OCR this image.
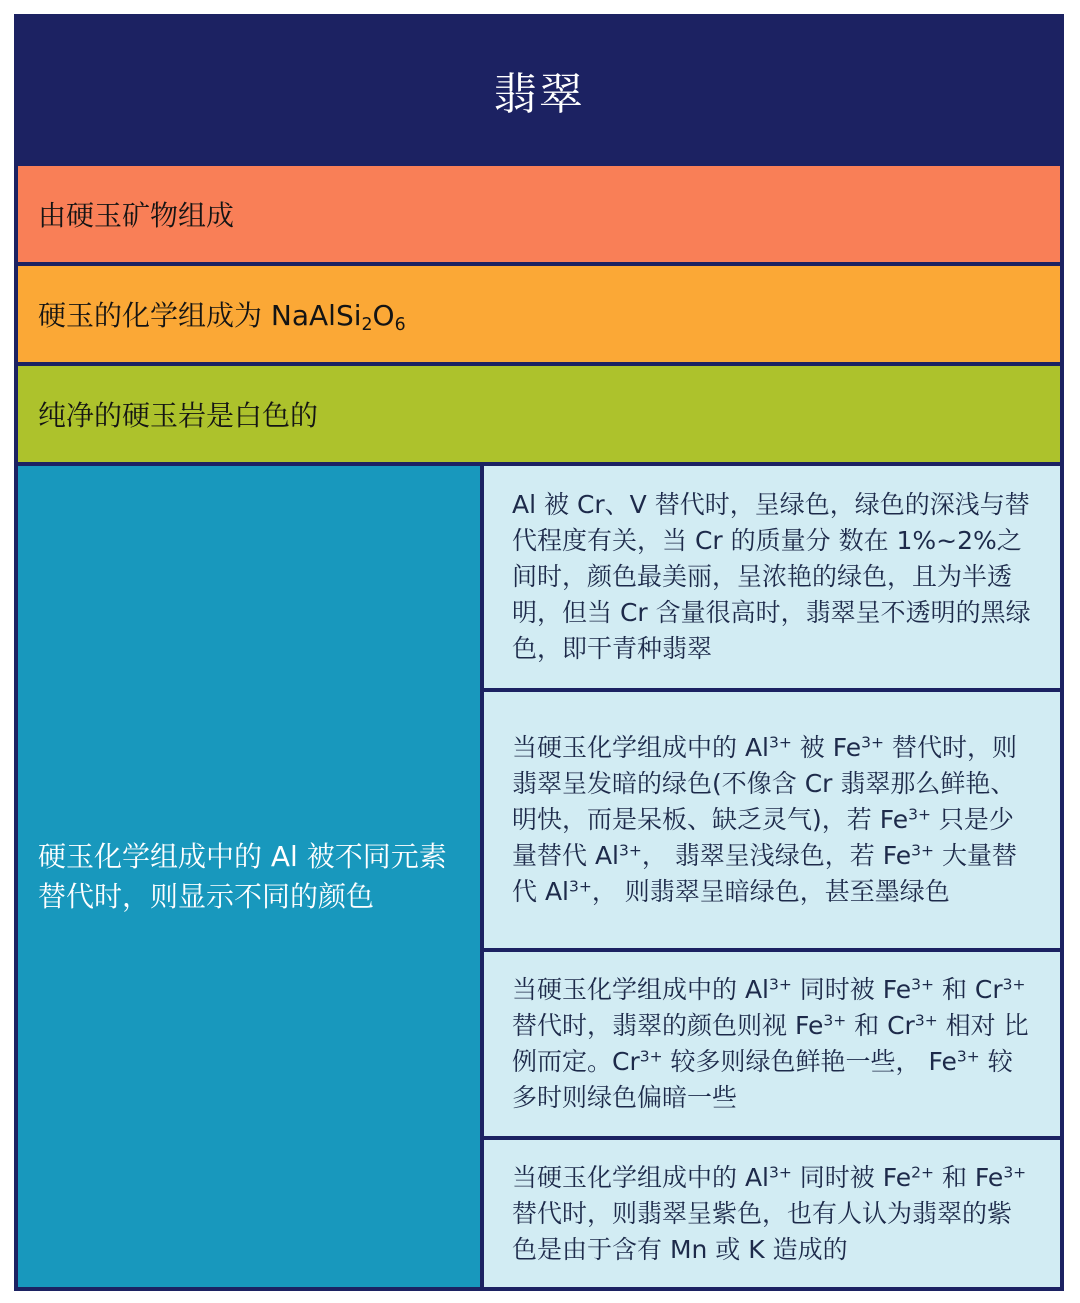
翡翠
由硬玉矿物组成
硬玉的化学组成为 $NaAlSi_2O_6$
纯净的硬玉岩是白色的
硬玉化学组成中的 Al 被不同元素替代时，则显示不同的颜色
Al 被 Cr、V 替代时，呈绿色，绿色的深浅与替代程度有关，当 Cr 的质量分 数在 1%~2%之间时，颜色最美丽，呈浓艳的绿色，且为半透明，但当 Cr 含量很高时，翡翠呈不透明的黑绿色，即干青种翡翠
当硬玉化学组成中的 $Al^{3+}$ 被 $Fe^{3+}$ 替代时，则翡翠呈发暗的绿色(不像含 Cr 翡翠那么鲜艳、明快，而是呆板、缺乏灵气)，若 $Fe^{3+}$ 只是少量替代 $Al^{3+}$， 翡翠呈浅绿色，若 $Fe^{3+}$ 大量替代 $Al^{3+}$， 则翡翠呈暗绿色，甚至墨绿色
当硬玉化学组成中的 $Al^{3+}$ 同时被 $Fe^{3+}$ 和 $Cr^{3+}$ 替代时，翡翠的颜色则视 $Fe^{3+}$ 和 $Cr^{3+}$ 相对 比例而定。$Cr^{3+}$ 较多则绿色鲜艳一些， $Fe^{3+}$ 较多时则绿色偏暗一些
当硬玉化学组成中的 $Al^{3+}$ 同时被 $Fe^{2+}$ 和 $Fe^{3+}$ 替代时，则翡翠呈紫色，也有人认为翡翠的紫色是由于含有 Mn 或 K 造成的
